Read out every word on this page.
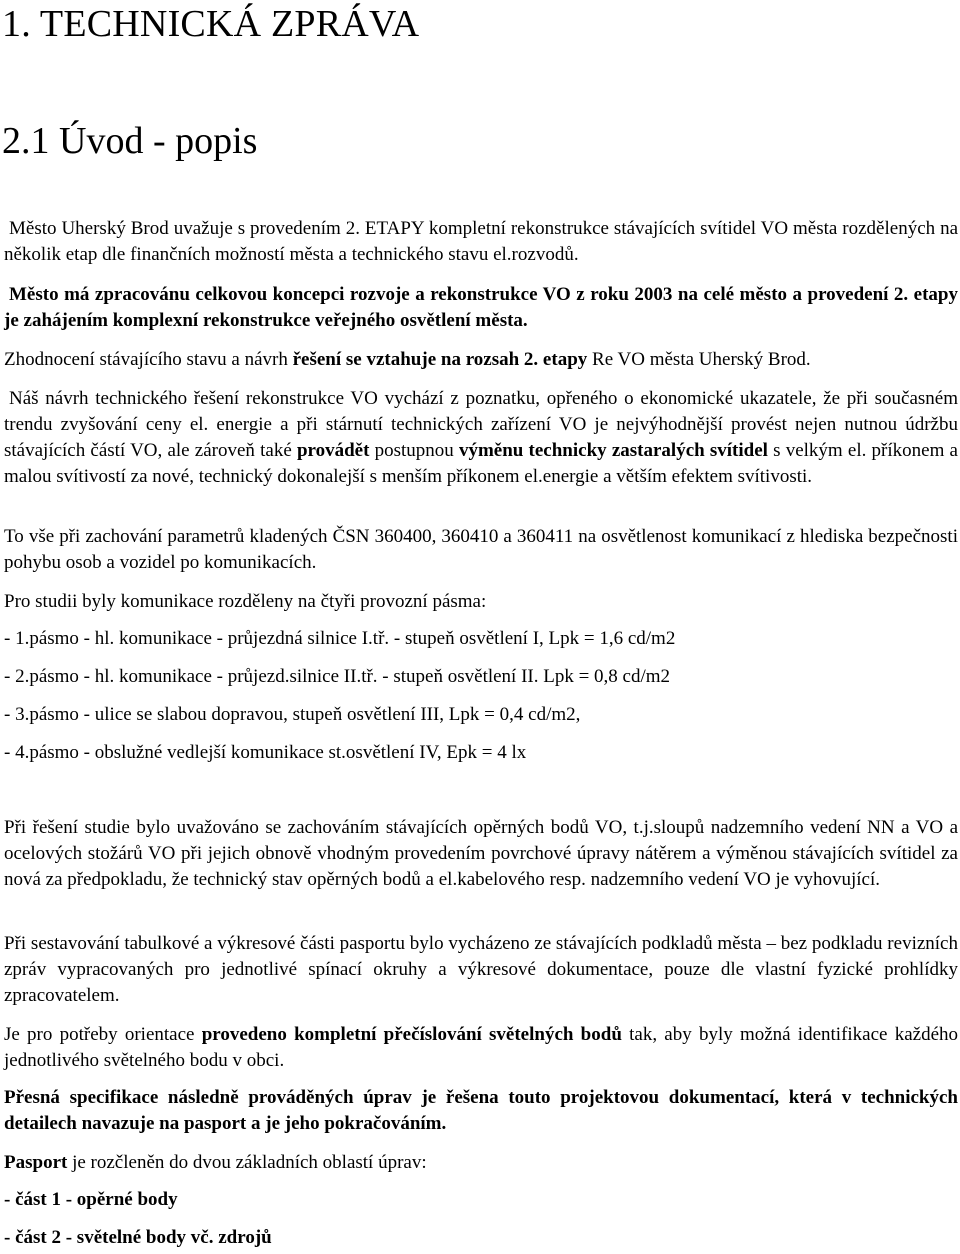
1. TECHNICKÁ ZPRÁVA
2.1 Úvod - popis

Město Uherský Brod uvažuje s provedením 2. ETAPY kompletní rekonstrukce stávajících svítidel VO města rozdělených na několik etap dle finančních možností města a technického stavu el.rozvodů.

Město má zpracovánu celkovou koncepci rozvoje a rekonstrukce VO z roku 2003 na celé město a provedení 2. etapy je zahájením komplexní rekonstrukce veřejného osvětlení města.

Zhodnocení stávajícího stavu a návrh řešení se vztahuje na rozsah 2. etapy Re VO města Uherský Brod.

Náš návrh technického řešení rekonstrukce VO vychází z poznatku, opřeného o ekonomické ukazatele, že při současném trendu zvyšování ceny el. energie a při stárnutí technických zařízení VO je nejvýhodnější provést nejen nutnou údržbu stávajících částí VO, ale zároveň také provádět postupnou výměnu technicky zastaralých svítidel s velkým el. příkonem a malou svítivostí za nové, technický dokonalejší s menším příkonem el.energie a větším efektem svítivosti.

To vše při zachování parametrů kladených ČSN 360400, 360410 a 360411 na osvětlenost komunikací z hlediska bezpečnosti pohybu osob a vozidel po komunikacích.

Pro studii byly komunikace rozděleny na čtyři provozní pásma:

- 1.pásmo - hl. komunikace - průjezdná silnice I.tř. - stupeň osvětlení I, Lpk = 1,6 cd/m2

- 2.pásmo - hl. komunikace - průjezd.silnice II.tř. - stupeň osvětlení II. Lpk = 0,8 cd/m2

- 3.pásmo - ulice se slabou dopravou, stupeň osvětlení III, Lpk = 0,4 cd/m2,

- 4.pásmo - obslužné vedlejší komunikace st.osvětlení IV, Epk = 4 lx

Při řešení studie bylo uvažováno se zachováním stávajících opěrných bodů VO, t.j.sloupů nadzemního vedení NN a VO a ocelových stožárů VO při jejich obnově vhodným provedením povrchové úpravy nátěrem a výměnou stávajících svítidel za nová za předpokladu, že technický stav opěrných bodů a el.kabelového resp. nadzemního vedení VO je vyhovující.

Při sestavování tabulkové a výkresové části pasportu bylo vycházeno ze stávajících podkladů města – bez podkladu revizních zpráv vypracovaných pro jednotlivé spínací okruhy a výkresové dokumentace, pouze dle vlastní fyzické prohlídky zpracovatelem.

Je pro potřeby orientace provedeno kompletní přečíslování světelných bodů tak, aby byly možná identifikace každého jednotlivého světelného bodu v obci.

Přesná specifikace následně prováděných úprav je řešena touto projektovou dokumentací, která v technických detailech navazuje na pasport a je jeho pokračováním.

Pasport je rozčleněn do dvou základních oblastí úprav:

- část 1 - opěrné body

- část 2 - světelné body vč. zdrojů
